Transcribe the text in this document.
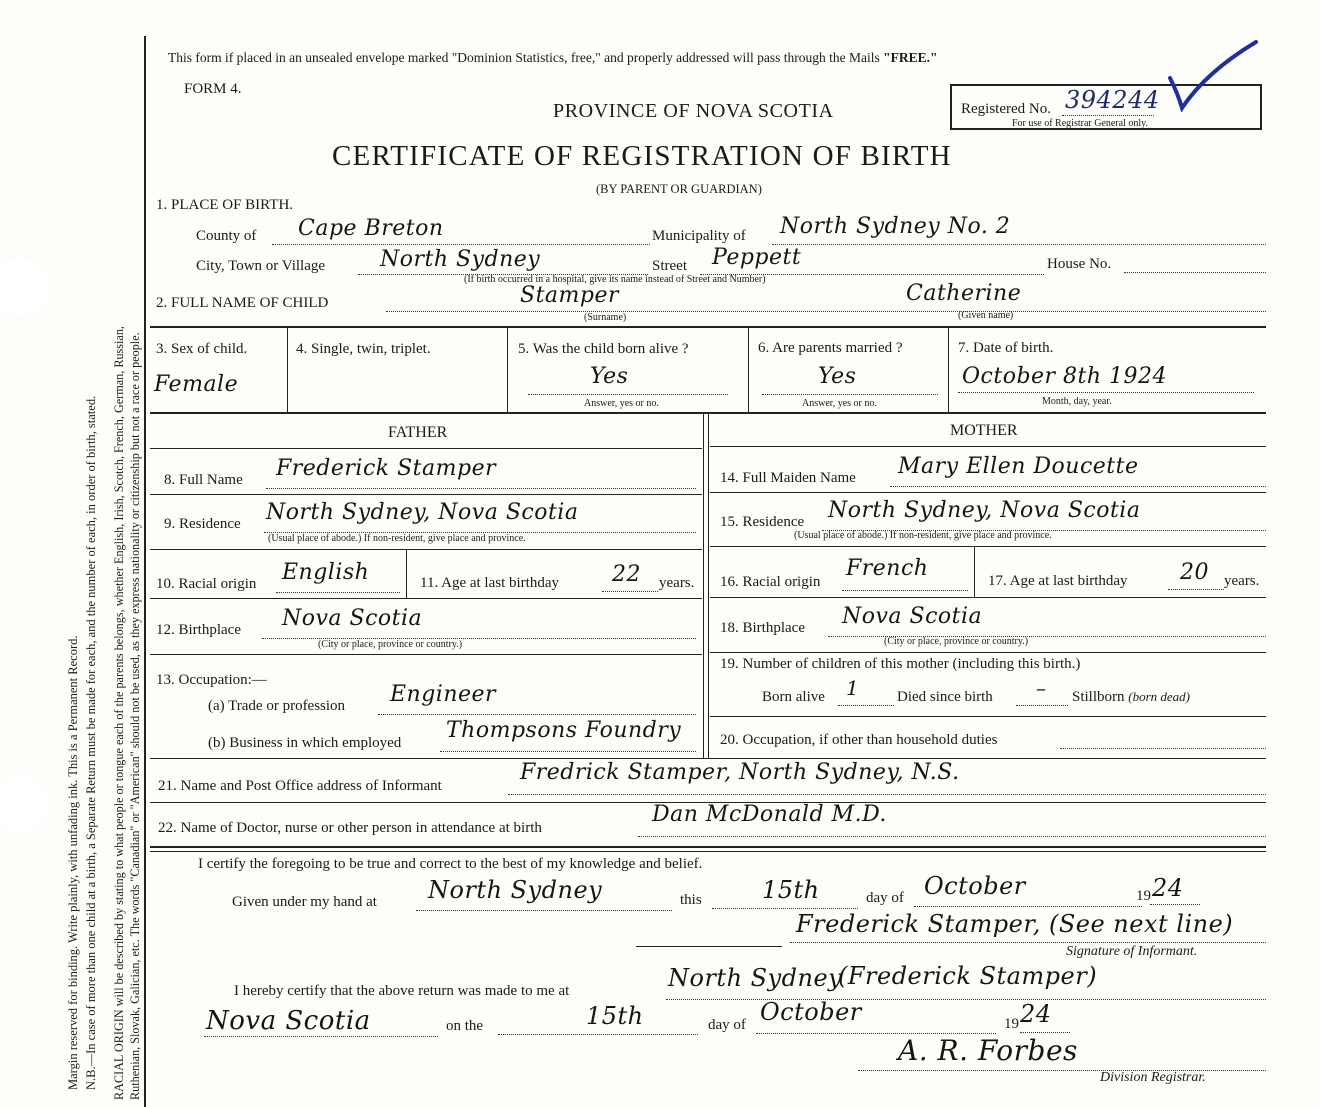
Margin reserved for binding. Write plainly, with unfading ink. This is a Permanent Record. N.B.—In case of more than one child at a birth, a Separate Return must be made for each, and the number of each, in order of birth, stated. RACIAL ORIGIN will be described by stating to what people or tongue each of the parents belongs, whether English, Irish, Scotch, French, German, Russian, Ruthenian, Slovak, Galician, etc. The words "Canadian" or "American" should not be used, as they express nationality or citizenship but not a race or people.
This form if placed in an unsealed envelope marked "Dominion Statistics, free," and properly addressed will pass through the Mails "FREE."
FORM 4.
PROVINCE OF NOVA SCOTIA
CERTIFICATE OF REGISTRATION OF BIRTH
(BY PARENT OR GUARDIAN)
Registered No. 394244
For use of Registrar General only.
1. PLACE OF BIRTH.
County of Cape Breton	Municipality of North Sydney No. 2
City, Town or Village North Sydney	Street Peppett	House No.
(If birth occurred in a hospital, give its name instead of Street and Number)
2. FULL NAME OF CHILD	Stamper
(Surname)
Catherine
(Given name)
3. Sex of child.
Female
4. Single, twin, triplet.	5. Was the child born alive ?
Yes
Answer, yes or no.
6. Are parents married ?
Yes
Answer, yes or no.
7. Date of birth.
October 8th 1924
Month, day, year.
FATHER
8. Full Name Frederick Stamper
9. Residence North Sydney, Nova Scotia
(Usual place of abode.) If non-resident, give place and province.
10. Racial origin English	11. Age at last birthday 22 years.
12. Birthplace Nova Scotia
(City or place, province or country.)
13. Occupation:—
(a) Trade or profession Engineer
(b) Business in which employed Thompsons Foundry
MOTHER
14. Full Maiden Name Mary Ellen Doucette
15. Residence North Sydney, Nova Scotia
(Usual place of abode.) If non-resident, give place and province.
16. Racial origin
French	17. Age at last birthday 20 years.
18. Birthplace Nova Scotia
(City or place, province or country.)
19. Number of children of this mother (including this birth.)
Born alive 1	Died since birth – Stillborn (born dead)
20. Occupation, if other than household duties
21. Name and Post Office address of Informant
Fredrick Stamper, North Sydney, N.S.
22. Name of Doctor, nurse or other person in attendance at birth
Dan McDonald M.D.
I certify the foregoing to be true and correct to the best of my knowledge and belief.
Given under my hand at North Sydney	this	15th	day of October	19 24
Frederick Stamper, (See next line)
Signature of Informant.
I hereby certify that the above return was made to me at	North Sydney
(Frederick Stamper)
Nova Scotia	on the	15th	day of October	19 24
A. R. Forbes
Division Registrar.
